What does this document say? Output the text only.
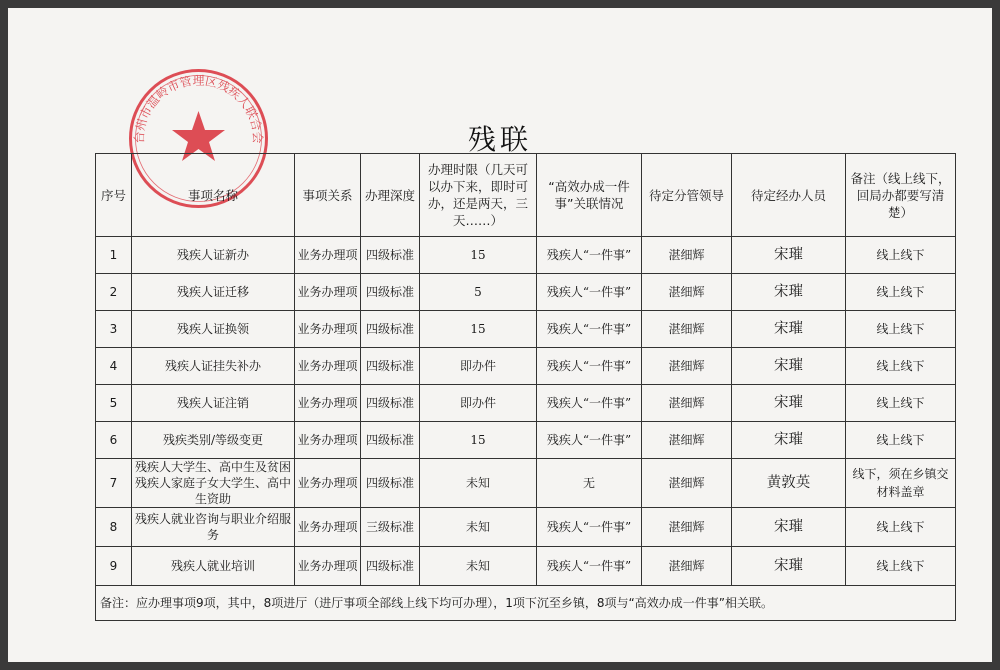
台州市温岭市管理区残疾人联合会	残联
序号	事项名称	事项关系	办理深度	办理时限（几天可以办下来，即时可办，还是两天，三天……）	“高效办成一件事”关联情况	待定分管领导	待定经办人员	备注（线上线下，回局办都要写清楚）
1	残疾人证新办	业务办理项	四级标准	15	残疾人“一件事”	湛细辉	宋璀	线上线下
2	残疾人证迁移	业务办理项	四级标准	5	残疾人“一件事”	湛细辉	宋璀	线上线下
3	残疾人证换领	业务办理项	四级标准	15	残疾人“一件事”	湛细辉	宋璀	线上线下
4	残疾人证挂失补办	业务办理项	四级标准	即办件	残疾人“一件事”	湛细辉	宋璀	线上线下
5	残疾人证注销	业务办理项	四级标准	即办件	残疾人“一件事”	湛细辉	宋璀	线上线下
6	残疾类别/等级变更	业务办理项	四级标准	15	残疾人“一件事”	湛细辉	宋璀	线上线下
7	残疾人大学生、高中生及贫困残疾人家庭子女大学生、高中生资助	业务办理项	四级标准	未知	无	湛细辉	黄敦英	线下，须在乡镇交材料盖章
8	残疾人就业咨询与职业介绍服务	业务办理项	三级标准	未知	残疾人“一件事”	湛细辉	宋璀	线上线下
9	残疾人就业培训	业务办理项	四级标准	未知	残疾人“一件事”	湛细辉	宋璀	线上线下
备注：应办理事项9项，其中，8项进厅（进厅事项全部线上线下均可办理），1项下沉至乡镇，8项与“高效办成一件事”相关联。								
